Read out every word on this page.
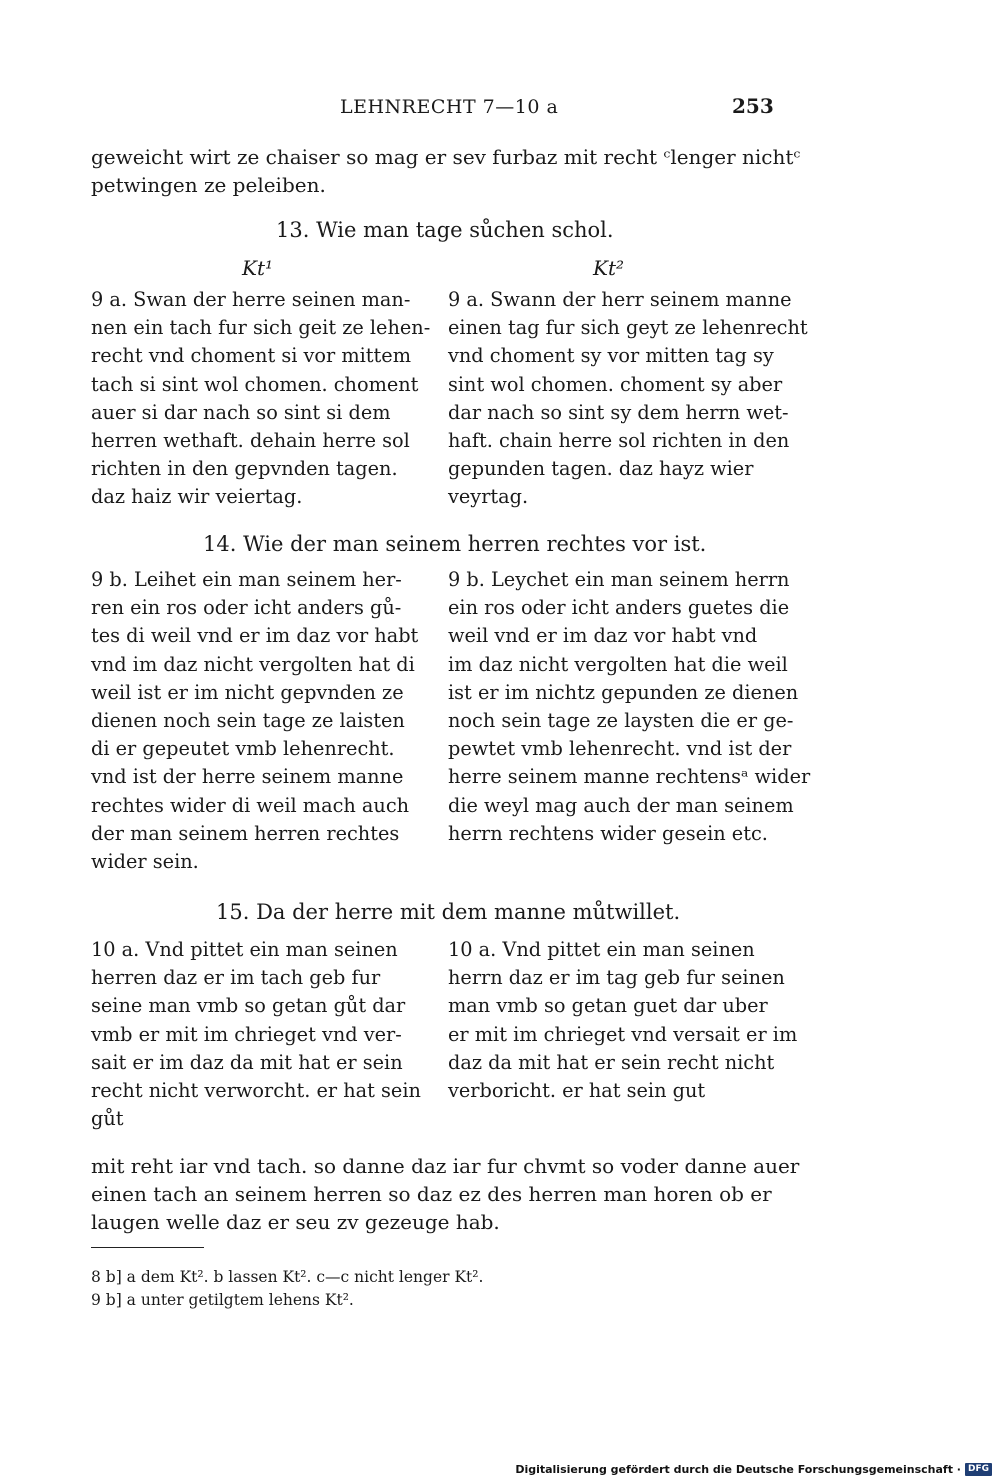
LEHNRECHT 7—10 a	253
geweicht wirt ze chaiser so mag er sev furbaz mit recht ᶜlenger nichtᶜ
petwingen ze peleiben.
13. Wie man tage sůchen schol.
Kt¹	Kt²
9 a. Swan der herre seinen man-
nen ein tach fur sich geit ze lehen-
recht vnd choment si vor mittem
tach si sint wol chomen. choment
auer si dar nach so sint si dem
herren wethaft. dehain herre sol
richten in den gepvnden tagen.
daz haiz wir veiertag.
9 a. Swann der herr seinem manne
einen tag fur sich geyt ze lehenrecht
vnd choment sy vor mitten tag sy
sint wol chomen. choment sy aber
dar nach so sint sy dem herrn wet-
haft. chain herre sol richten in den
gepunden tagen. daz hayz wier
veyrtag.
14. Wie der man seinem herren rechtes vor ist.
9 b. Leihet ein man seinem her-
ren ein ros oder icht anders gů-
tes di weil vnd er im daz vor habt
vnd im daz nicht vergolten hat di
weil ist er im nicht gepvnden ze
dienen noch sein tage ze laisten
di er gepeutet vmb lehenrecht.
vnd ist der herre seinem manne
rechtes wider di weil mach auch
der man seinem herren rechtes
wider sein.
9 b. Leychet ein man seinem herrn
ein ros oder icht anders guetes die
weil vnd er im daz vor habt vnd
im daz nicht vergolten hat die weil
ist er im nichtz gepunden ze dienen
noch sein tage ze laysten die er ge-
pewtet vmb lehenrecht. vnd ist der
herre seinem manne rechtensᵃ wider
die weyl mag auch der man seinem
herrn rechtens wider gesein etc.
15. Da der herre mit dem manne můtwillet.
10 a. Vnd pittet ein man seinen
herren daz er im tach geb fur
seine man vmb so getan gůt dar
vmb er mit im chrieget vnd ver-
sait er im daz da mit hat er sein
recht nicht verworcht. er hat sein
gůt
10 a. Vnd pittet ein man seinen
herrn daz er im tag geb fur seinen
man vmb so getan guet dar uber
er mit im chrieget vnd versait er im
daz da mit hat er sein recht nicht
verboricht. er hat sein gut
mit reht iar vnd tach. so danne daz iar fur chvmt so voder danne auer
einen tach an seinem herren so daz ez des herren man horen ob er
laugen welle daz er seu zv gezeuge hab.
8 b] a dem Kt². b lassen Kt². c—c nicht lenger Kt².
9 b] a unter getilgtem lehens Kt².
Digitalisierung gefördert durch die Deutsche Forschungsgemeinschaft · DFG
